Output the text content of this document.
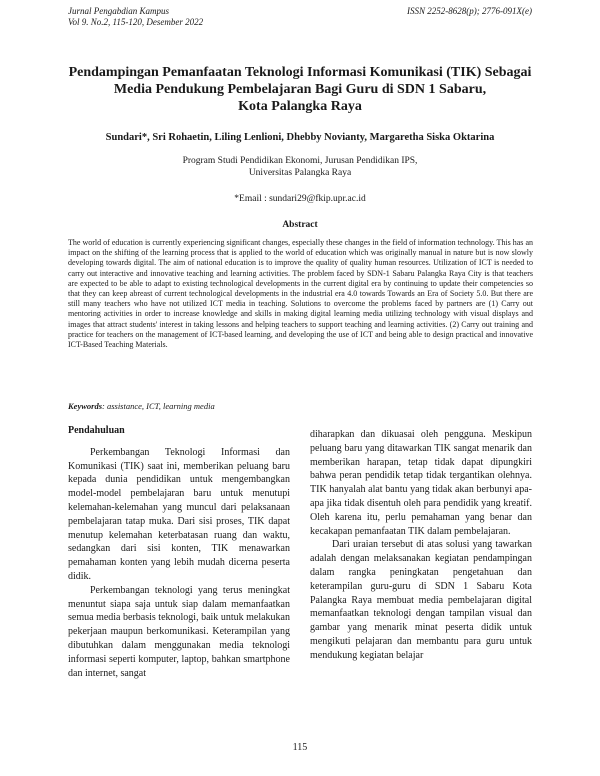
Jurnal Pengabdian Kampus
Vol 9. No.2, 115-120, Desember 2022
ISSN 2252-8628(p); 2776-091X(e)
Pendampingan Pemanfaatan Teknologi Informasi Komunikasi (TIK) Sebagai
Media Pendukung Pembelajaran Bagi Guru di SDN 1 Sabaru,
Kota Palangka Raya
Sundari*, Sri Rohaetin, Liling Lenlioni, Dhebby Novianty, Margaretha Siska Oktarina
Program Studi Pendidikan Ekonomi, Jurusan Pendidikan IPS,
Universitas Palangka Raya
*Email : sundari29@fkip.upr.ac.id
Abstract

The world of education is currently experiencing significant changes, especially these changes in the field of information technology. This has an impact on the shifting of the learning process that is applied to the world of education which was originally manual in nature but is now slowly developing towards digital. The aim of national education is to improve the quality of quality human resources. Utilization of ICT is needed to carry out interactive and innovative teaching and learning activities. The problem faced by SDN-1 Sabaru Palangka Raya City is that teachers are expected to be able to adapt to existing technological developments in the current digital era by continuing to update their competencies so that they can keep abreast of current technological developments in the industrial era 4.0 towards Towards an Era of Society 5.0. But there are still many teachers who have not utilized ICT media in teaching. Solutions to overcome the problems faced by partners are (1) Carry out mentoring activities in order to increase knowledge and skills in making digital learning media utilizing technology with visual displays and images that attract students' interest in taking lessons and helping teachers to support teaching and learning activities. (2) Carry out training and practice for teachers on the management of ICT-based learning, and developing the use of ICT and being able to design practical and innovative ICT-Based Teaching Materials.

Keywords: assistance, ICT, learning media

Pendahuluan

Perkembangan Teknologi Informasi dan Komunikasi (TIK) saat ini, memberikan peluang baru kepada dunia pendidikan untuk mengembangkan model-model pembelajaran baru untuk menutupi kelemahan-kelemahan yang muncul dari pelaksanaan pembelajaran tatap muka. Dari sisi proses, TIK dapat menutup kelemahan keterbatasan ruang dan waktu, sedangkan dari sisi konten, TIK menawarkan pemahaman konten yang lebih mudah dicerna peserta didik.

Perkembangan teknologi yang terus meningkat menuntut siapa saja untuk siap dalam memanfaatkan semua media berbasis teknologi, baik untuk melakukan pekerjaan maupun berkomunikasi. Keterampilan yang dibutuhkan dalam menggunakan media teknologi informasi seperti komputer, laptop, bahkan smartphone dan internet, sangat

diharapkan dan dikuasai oleh pengguna. Meskipun peluang baru yang ditawarkan TIK sangat menarik dan memberikan harapan, tetap tidak dapat dipungkiri bahwa peran pendidik tetap tidak tergantikan olehnya. TIK hanyalah alat bantu yang tidak akan berbunyi apa-apa jika tidak disentuh oleh para pendidik yang kreatif. Oleh karena itu, perlu pemahaman yang benar dan kecakapan pemanfaatan TIK dalam pembelajaran.

Dari uraian tersebut di atas solusi yang tawarkan adalah dengan melaksanakan kegiatan pendampingan dalam rangka peningkatan pengetahuan dan keterampilan guru-guru di SDN 1 Sabaru Kota Palangka Raya membuat media pembelajaran digital memanfaatkan teknologi dengan tampilan visual dan gambar yang menarik minat peserta didik untuk mengikuti pelajaran dan membantu para guru untuk mendukung kegiatan belajar

115
